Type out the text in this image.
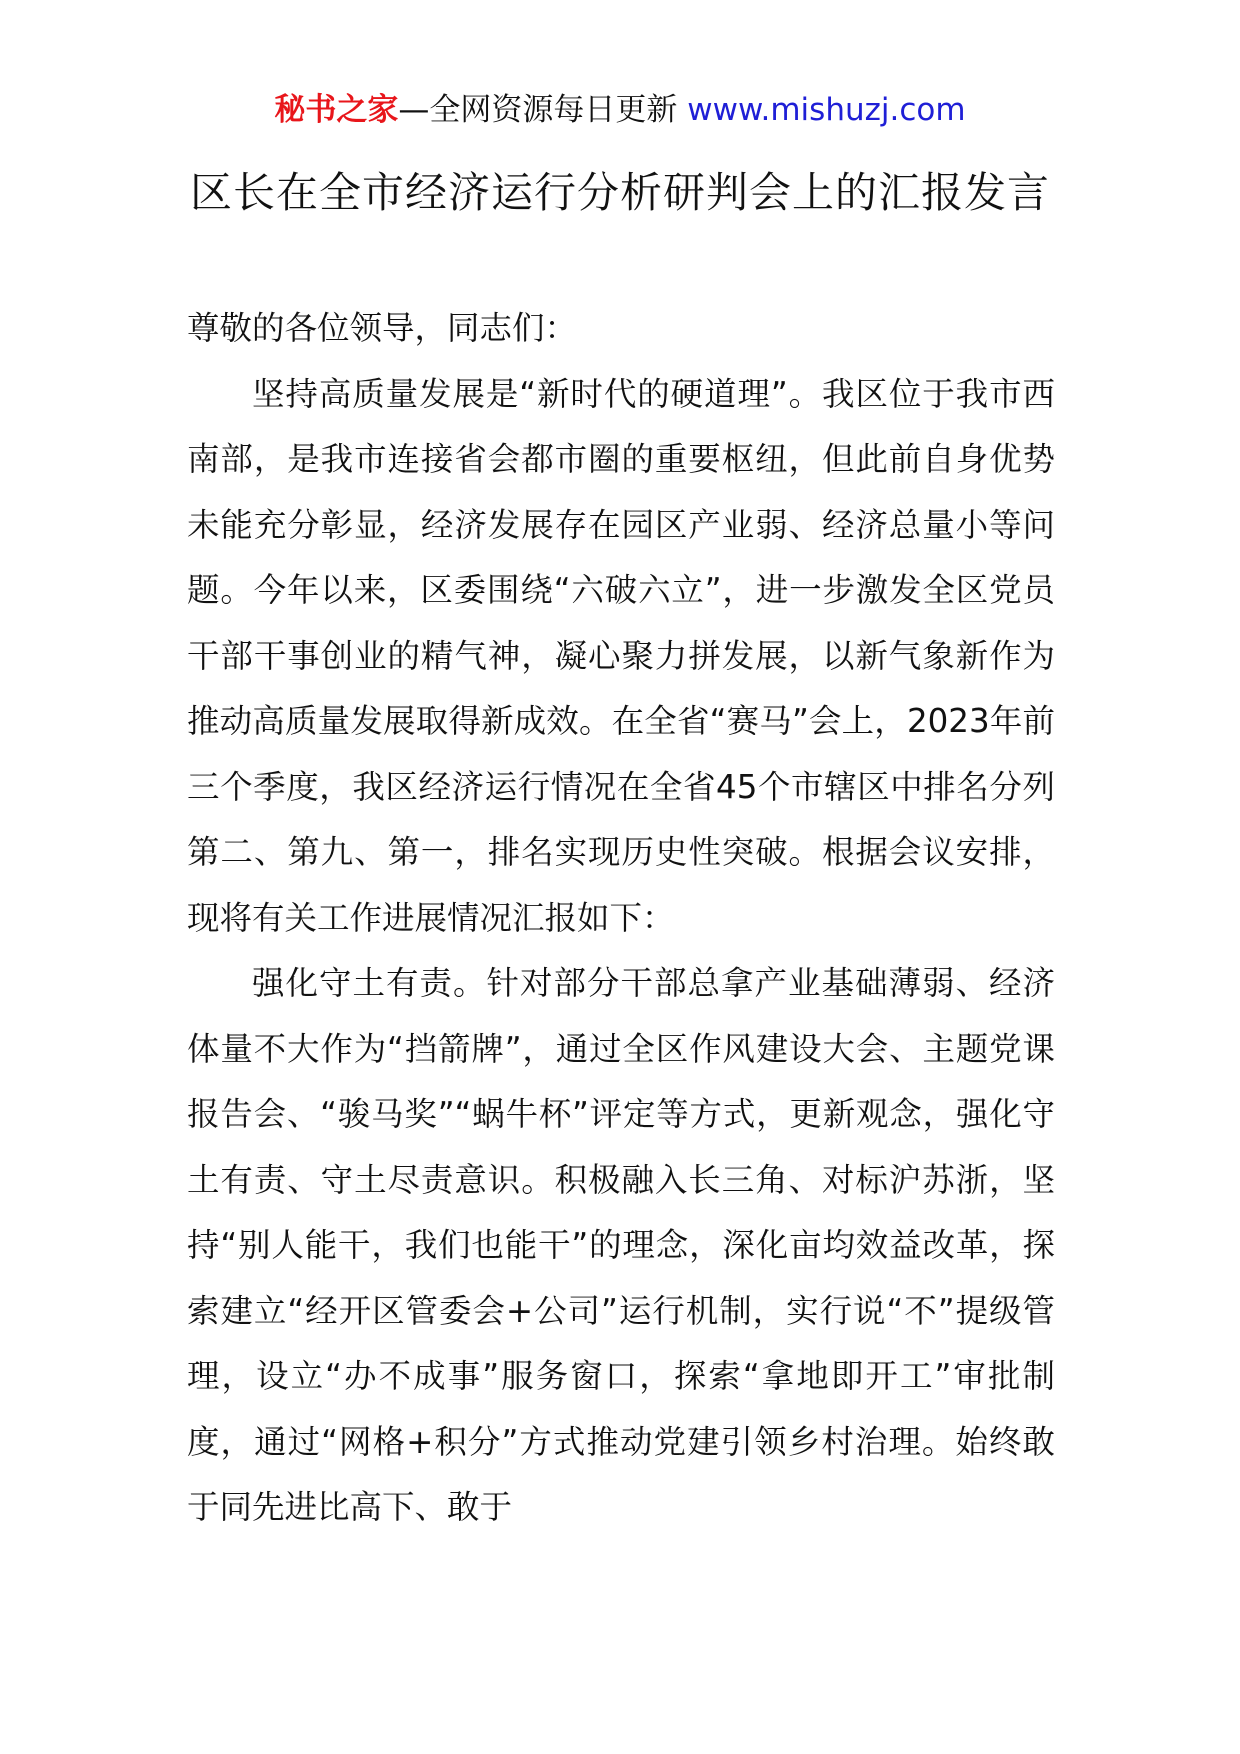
秘书之家—全网资源每日更新 www.mishuzj.com
区长在全市经济运行分析研判会上的汇报发言

尊敬的各位领导，同志们：

坚持高质量发展是“新时代的硬道理”。我区位于我市西南部，是我市连接省会都市圈的重要枢纽，但此前自身优势未能充分彰显，经济发展存在园区产业弱、经济总量小等问题。今年以来，区委围绕“六破六立”，进一步激发全区党员干部干事创业的精气神，凝心聚力拼发展，以新气象新作为推动高质量发展取得新成效。在全省“赛马”会上，2023年前三个季度，我区经济运行情况在全省45个市辖区中排名分列第二、第九、第一，排名实现历史性突破。根据会议安排，现将有关工作进展情况汇报如下：

强化守土有责。针对部分干部总拿产业基础薄弱、经济体量不大作为“挡箭牌”，通过全区作风建设大会、主题党课报告会、“骏马奖”“蜗牛杯”评定等方式，更新观念，强化守土有责、守土尽责意识。积极融入长三角、对标沪苏浙，坚持“别人能干，我们也能干”的理念，深化亩均效益改革，探索建立“经开区管委会+公司”运行机制，实行说“不”提级管理，设立“办不成事”服务窗口，探索“拿地即开工”审批制度，通过“网格+积分”方式推动党建引领乡村治理。始终敢于同先进比高下、敢于
